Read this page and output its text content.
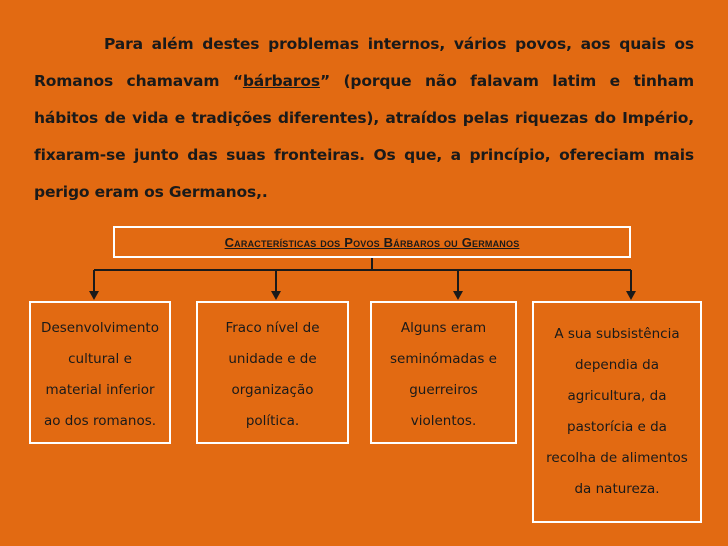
Para além destes problemas internos, vários povos, aos quais os Romanos chamavam “bárbaros” (porque não falavam latim e tinham hábitos de vida e tradições diferentes), atraídos pelas riquezas do Império, fixaram-se junto das suas fronteiras. Os que, a princípio, ofereciam mais perigo eram os Germanos,.
Características dos Povos Bárbaros ou Germanos
Desenvolvimento
cultural e
material inferior
ao dos romanos.
Fraco nível de
unidade e de
organização
política.
Alguns eram
seminómadas e
guerreiros
violentos.
A sua subsistência
dependia da
agricultura, da
pastorícia e da
recolha de alimentos
da natureza.
